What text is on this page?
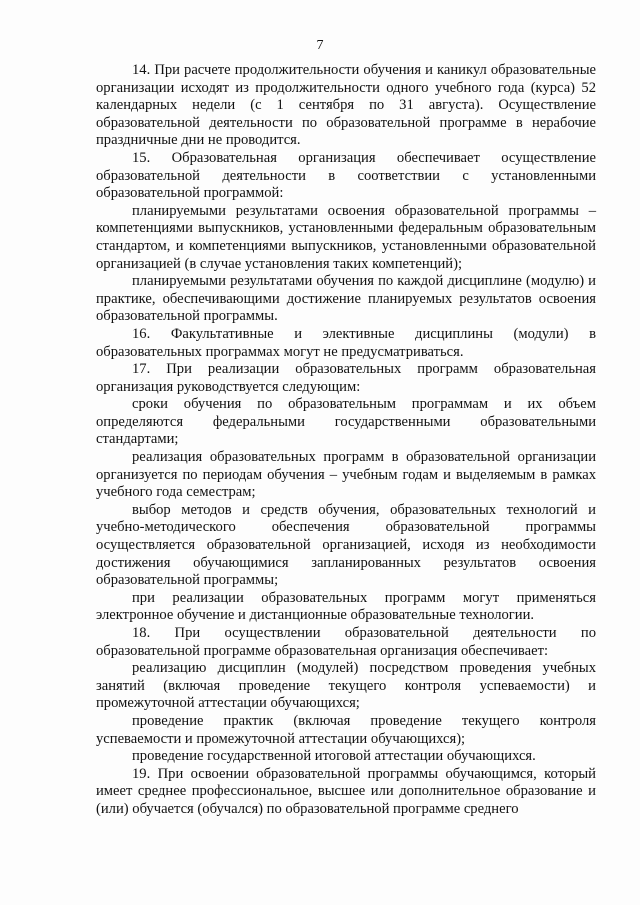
7

14. При расчете продолжительности обучения и каникул образовательные организации исходят из продолжительности одного учебного года (курса) 52 календарных недели (с 1 сентября по 31 августа). Осуществление образовательной деятельности по образовательной программе в нерабочие праздничные дни не проводится.

15. Образовательная организация обеспечивает осуществление образовательной деятельности в соответствии с установленными образовательной программой:

планируемыми результатами освоения образовательной программы – компетенциями выпускников, установленными федеральным образовательным стандартом, и компетенциями выпускников, установленными образовательной организацией (в случае установления таких компетенций);

планируемыми результатами обучения по каждой дисциплине (модулю) и практике, обеспечивающими достижение планируемых результатов освоения образовательной программы.

16. Факультативные и элективные дисциплины (модули) в образовательных программах могут не предусматриваться.

17. При реализации образовательных программ образовательная организация руководствуется следующим:

сроки обучения по образовательным программам и их объем определяются федеральными государственными образовательными стандартами;

реализация образовательных программ в образовательной организации организуется по периодам обучения – учебным годам и выделяемым в рамках учебного года семестрам;

выбор методов и средств обучения, образовательных технологий и учебно-методического обеспечения образовательной программы осуществляется образовательной организацией, исходя из необходимости достижения обучающимися запланированных результатов освоения образовательной программы;

при реализации образовательных программ могут применяться электронное обучение и дистанционные образовательные технологии.

18. При осуществлении образовательной деятельности по образовательной программе образовательная организация обеспечивает:

реализацию дисциплин (модулей) посредством проведения учебных занятий (включая проведение текущего контроля успеваемости) и промежуточной аттестации обучающихся;

проведение практик (включая проведение текущего контроля успеваемости и промежуточной аттестации обучающихся);

проведение государственной итоговой аттестации обучающихся.

19. При освоении образовательной программы обучающимся, который имеет среднее профессиональное, высшее или дополнительное образование и (или) обучается (обучался) по образовательной программе среднего
